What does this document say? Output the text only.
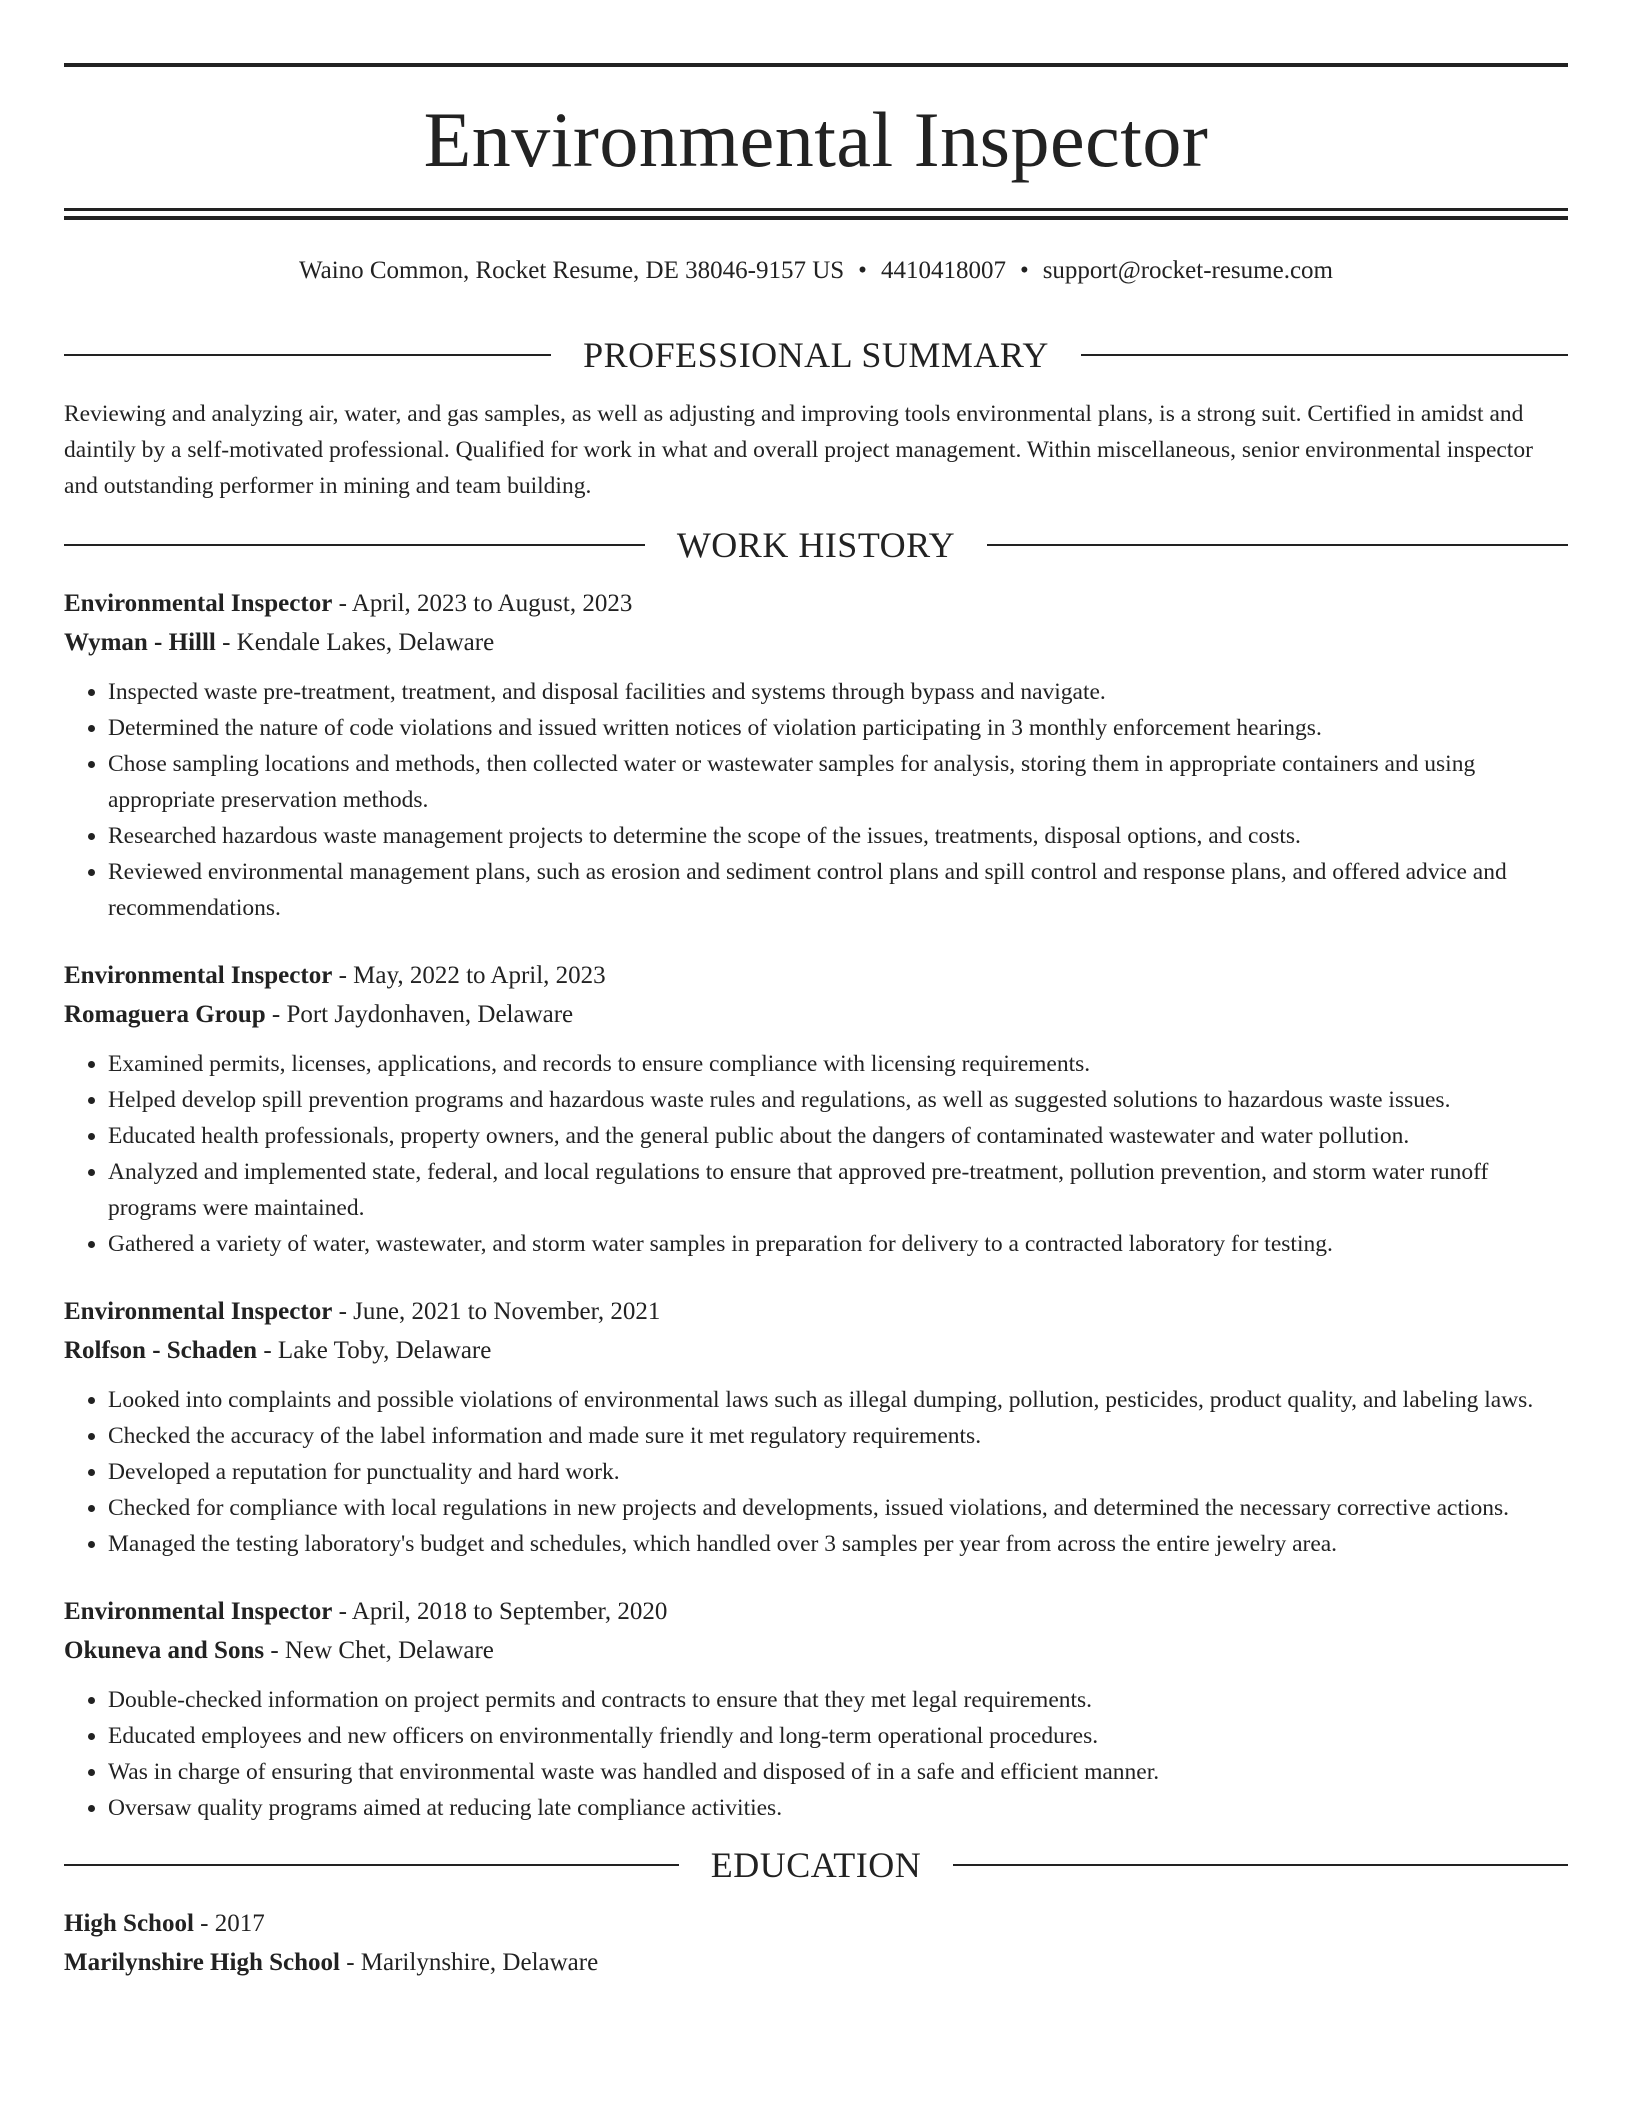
Environmental Inspector
Waino Common, Rocket Resume, DE 38046-9157 US • 4410418007 • support@rocket-resume.com
PROFESSIONAL SUMMARY

Reviewing and analyzing air, water, and gas samples, as well as adjusting and improving tools environmental plans, is a strong suit. Certified in amidst and daintily by a self-motivated professional. Qualified for work in what and overall project management. Within miscellaneous, senior environmental inspector and outstanding performer in mining and team building.

WORK HISTORY
Environmental Inspector - April, 2023 to August, 2023
Wyman - Hilll - Kendale Lakes, Delaware
• Inspected waste pre-treatment, treatment, and disposal facilities and systems through bypass and navigate.
• Determined the nature of code violations and issued written notices of violation participating in 3 monthly enforcement hearings.
• Chose sampling locations and methods, then collected water or wastewater samples for analysis, storing them in appropriate containers and using appropriate preservation methods.
• Researched hazardous waste management projects to determine the scope of the issues, treatments, disposal options, and costs.
• Reviewed environmental management plans, such as erosion and sediment control plans and spill control and response plans, and offered advice and recommendations.
Environmental Inspector - May, 2022 to April, 2023
Romaguera Group - Port Jaydonhaven, Delaware
• Examined permits, licenses, applications, and records to ensure compliance with licensing requirements.
• Helped develop spill prevention programs and hazardous waste rules and regulations, as well as suggested solutions to hazardous waste issues.
• Educated health professionals, property owners, and the general public about the dangers of contaminated wastewater and water pollution.
• Analyzed and implemented state, federal, and local regulations to ensure that approved pre-treatment, pollution prevention, and storm water runoff programs were maintained.
• Gathered a variety of water, wastewater, and storm water samples in preparation for delivery to a contracted laboratory for testing.
Environmental Inspector - June, 2021 to November, 2021
Rolfson - Schaden - Lake Toby, Delaware
• Looked into complaints and possible violations of environmental laws such as illegal dumping, pollution, pesticides, product quality, and labeling laws.
• Checked the accuracy of the label information and made sure it met regulatory requirements.
• Developed a reputation for punctuality and hard work.
• Checked for compliance with local regulations in new projects and developments, issued violations, and determined the necessary corrective actions.
• Managed the testing laboratory's budget and schedules, which handled over 3 samples per year from across the entire jewelry area.
Environmental Inspector - April, 2018 to September, 2020
Okuneva and Sons - New Chet, Delaware
• Double-checked information on project permits and contracts to ensure that they met legal requirements.
• Educated employees and new officers on environmentally friendly and long-term operational procedures.
• Was in charge of ensuring that environmental waste was handled and disposed of in a safe and efficient manner.
• Oversaw quality programs aimed at reducing late compliance activities.
EDUCATION
High School - 2017
Marilynshire High School - Marilynshire, Delaware
